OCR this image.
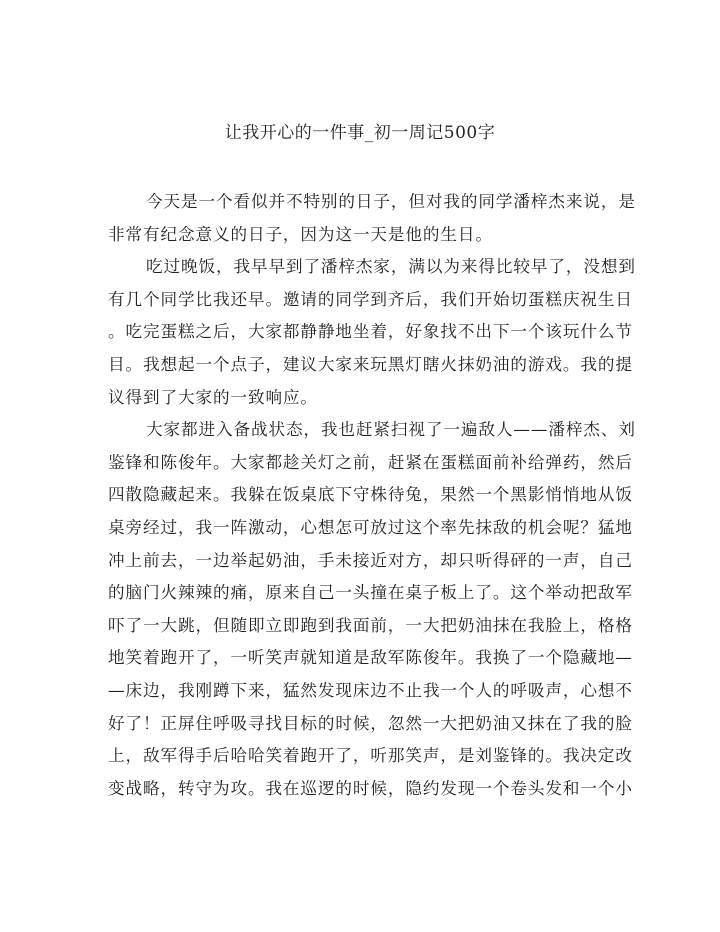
让我开心的一件事_初一周记500字

今天是一个看似并不特别的日子，但对我的同学潘梓杰来说，是
非常有纪念意义的日子，因为这一天是他的生日。

吃过晚饭，我早早到了潘梓杰家，满以为来得比较早了，没想到
有几个同学比我还早。邀请的同学到齐后，我们开始切蛋糕庆祝生日
。吃完蛋糕之后，大家都静静地坐着，好象找不出下一个该玩什么节
目。我想起一个点子，建议大家来玩黑灯瞎火抹奶油的游戏。我的提
议得到了大家的一致响应。

大家都进入备战状态，我也赶紧扫视了一遍敌人——潘梓杰、刘
鉴锋和陈俊年。大家都趁关灯之前，赶紧在蛋糕面前补给弹药，然后
四散隐藏起来。我躲在饭桌底下守株待兔，果然一个黑影悄悄地从饭
桌旁经过，我一阵激动，心想怎可放过这个率先抹敌的机会呢？猛地
冲上前去，一边举起奶油，手未接近对方，却只听得砰的一声，自己
的脑门火辣辣的痛，原来自己一头撞在桌子板上了。这个举动把敌军
吓了一大跳，但随即立即跑到我面前，一大把奶油抹在我脸上，格格
地笑着跑开了，一听笑声就知道是敌军陈俊年。我换了一个隐藏地—
—床边，我刚蹲下来，猛然发现床边不止我一个人的呼吸声，心想不
好了！正屏住呼吸寻找目标的时候，忽然一大把奶油又抹在了我的脸
上，敌军得手后哈哈笑着跑开了，听那笑声，是刘鉴锋的。我决定改
变战略，转守为攻。我在巡逻的时候，隐约发现一个卷头发和一个小
